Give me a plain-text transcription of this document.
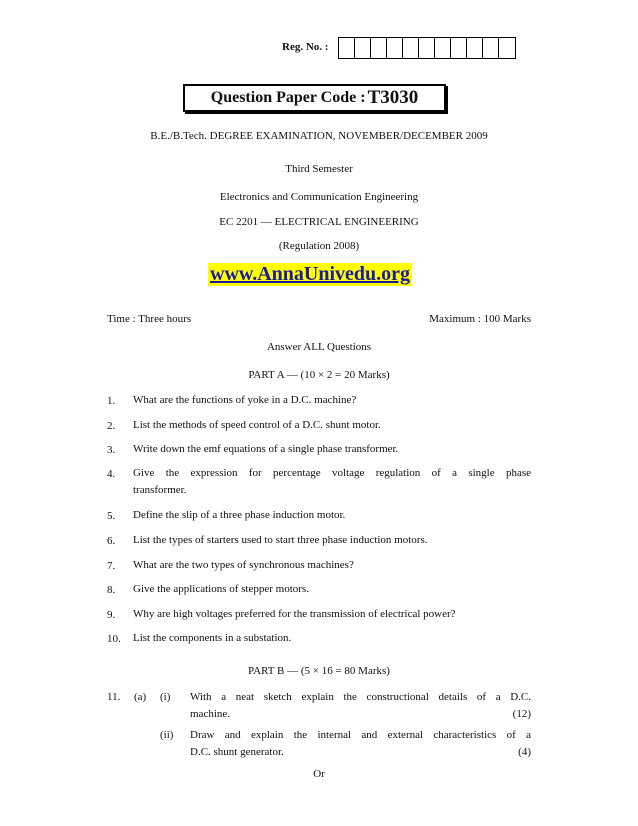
Reg. No. :
Question Paper Code : T3030
B.E./B.Tech. DEGREE EXAMINATION, NOVEMBER/DECEMBER 2009
Third Semester
Electronics and Communication Engineering
EC 2201 — ELECTRICAL ENGINEERING
(Regulation 2008)
www.AnnaUnivedu.org
Time : Three hours	Maximum : 100 Marks
Answer ALL Questions
PART A — (10 × 2 = 20 Marks)
1. What are the functions of yoke in a D.C. machine?
2. List the methods of speed control of a D.C. shunt motor.
3. Write down the emf equations of a single phase transformer.
4. Give the expression for percentage voltage regulation of a single phase
transformer.
5. Define the slip of a three phase induction motor.
6. List the types of starters used to start three phase induction motors.
7. What are the two types of synchronous machines?
8. Give the applications of stepper motors.
9. Why are high voltages preferred for the transmission of electrical power?
10. List the components in a substation.
PART B — (5 × 16 = 80 Marks)
11. (a) (i) With a neat sketch explain the constructional details of a D.C.
machine.	(12)
(ii) Draw and explain the internal and external characteristics of a
D.C. shunt generator.	(4)
Or
